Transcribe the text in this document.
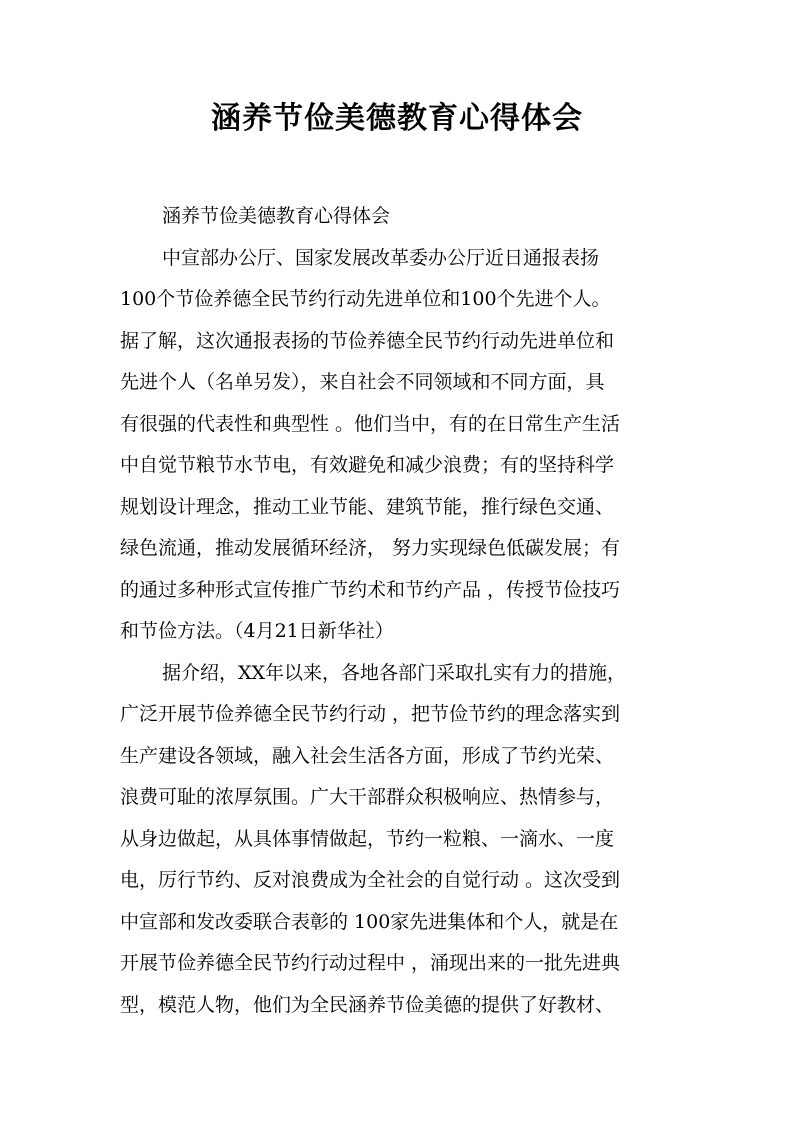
涵养节俭美德教育心得体会
涵养节俭美德教育心得体会
中宣部办公厅、国家发展改革委办公厅近日通报表扬
100个节俭养德全民节约行动先进单位和100个先进个人。
据了解，这次通报表扬的节俭养德全民节约行动先进单位和
先进个人（名单另发），来自社会不同领域和不同方面，具
有很强的代表性和典型性 。他们当中，有的在日常生产生活
中自觉节粮节水节电，有效避免和减少浪费；有的坚持科学
规划设计理念，推动工业节能、建筑节能，推行绿色交通、
绿色流通，推动发展循环经济， 努力实现绿色低碳发展；有
的通过多种形式宣传推广节约术和节约产品 ，传授节俭技巧
和节俭方法。（4月21日新华社）
据介绍，XX年以来，各地各部门采取扎实有力的措施，
广泛开展节俭养德全民节约行动 ，把节俭节约的理念落实到
生产建设各领域，融入社会生活各方面，形成了节约光荣、
浪费可耻的浓厚氛围。广大干部群众积极响应、热情参与，
从身边做起，从具体事情做起，节约一粒粮、一滴水、一度
电，厉行节约、反对浪费成为全社会的自觉行动 。这次受到
中宣部和发改委联合表彰的 100家先进集体和个人，就是在
开展节俭养德全民节约行动过程中 ，涌现出来的一批先进典
型，模范人物，他们为全民涵养节俭美德的提供了好教材、
